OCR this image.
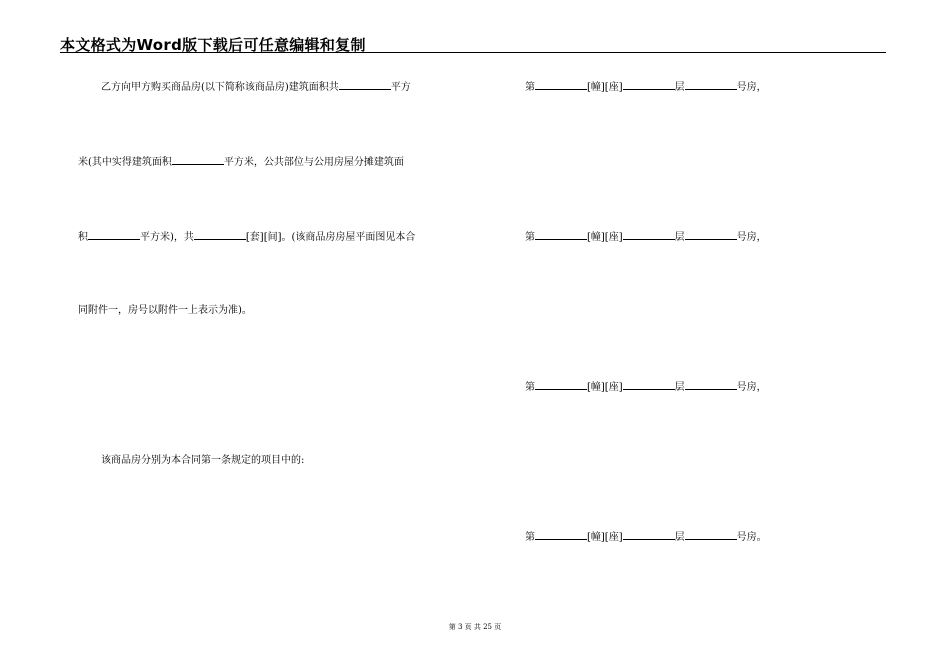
本文格式为Word版下载后可任意编辑和复制
乙方向甲方购买商品房(以下简称该商品房)建筑面积共	平方
米(其中实得建筑面积	平方米，公共部位与公用房屋分摊建筑面
积	平方米)，共	[套][间]。(该商品房房屋平面图见本合
同附件一，房号以附件一上表示为准)。
该商品房分别为本合同第一条规定的项目中的:
第	[幢][座]	层	号房，
第	[幢][座]	层	号房，
第	[幢][座]	层	号房，
第	[幢][座]	层	号房。
第 3 页 共 25 页
